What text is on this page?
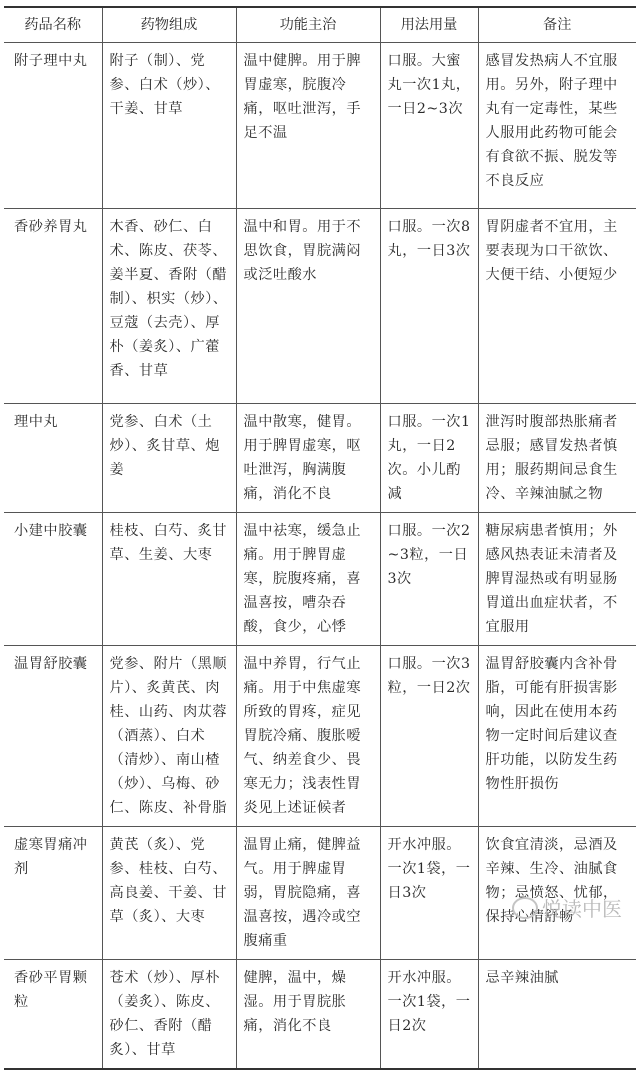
药品名称	药物组成	功能主治	用法用量	备注
附子理中丸	附子（制）、党参、白术（炒）、干姜、甘草	温中健脾。用于脾胃虚寒，脘腹冷痛，呕吐泄泻，手足不温	口服。大蜜丸一次1丸，一日2~3次	感冒发热病人不宜服用。另外，附子理中丸有一定毒性，某些人服用此药物可能会有食欲不振、脱发等不良反应
香砂养胃丸	木香、砂仁、白术、陈皮、茯苓、姜半夏、香附（醋制）、枳实（炒）、豆蔻（去壳）、厚朴（姜炙）、广藿香、甘草	温中和胃。用于不思饮食，胃脘满闷或泛吐酸水	口服。一次8丸，一日3次	胃阴虚者不宜用，主要表现为口干欲饮、大便干结、小便短少
理中丸	党参、白术（土炒）、炙甘草、炮姜	温中散寒，健胃。用于脾胃虚寒，呕吐泄泻，胸满腹痛，消化不良	口服。一次1丸，一日2次。小儿酌减	泄泻时腹部热胀痛者忌服；感冒发热者慎用；服药期间忌食生冷、辛辣油腻之物
小建中胶囊	桂枝、白芍、炙甘草、生姜、大枣	温中祛寒，缓急止痛。用于脾胃虚寒，脘腹疼痛，喜温喜按，嘈杂吞酸，食少，心悸	口服。一次2~3粒，一日3次	糖尿病患者慎用；外感风热表证未清者及脾胃湿热或有明显肠胃道出血症状者，不宜服用
温胃舒胶囊	党参、附片（黑顺片）、炙黄芪、肉桂、山药、肉苁蓉（酒蒸）、白术（清炒）、南山楂（炒）、乌梅、砂仁、陈皮、补骨脂	温中养胃，行气止痛。用于中焦虚寒所致的胃疼，症见胃脘冷痛、腹胀嗳气、纳差食少、畏寒无力；浅表性胃炎见上述证候者	口服。一次3粒，一日2次	温胃舒胶囊内含补骨脂，可能有肝损害影响，因此在使用本药物一定时间后建议查肝功能，以防发生药物性肝损伤
虚寒胃痛冲剂	黄芪（炙）、党参、桂枝、白芍、高良姜、干姜、甘草（炙）、大枣	温胃止痛，健脾益气。用于脾虚胃弱，胃脘隐痛，喜温喜按，遇冷或空腹痛重	开水冲服。一次1袋，一日3次	饮食宜清淡，忌酒及辛辣、生冷、油腻食物；忌愤怒、忧郁，保持心情舒畅
香砂平胃颗粒	苍术（炒）、厚朴（姜炙）、陈皮、砂仁、香附（醋炙）、甘草	健脾，温中，燥湿。用于胃脘胀痛，消化不良	开水冲服。一次1袋，一日2次	忌辛辣油腻
悦读中医
